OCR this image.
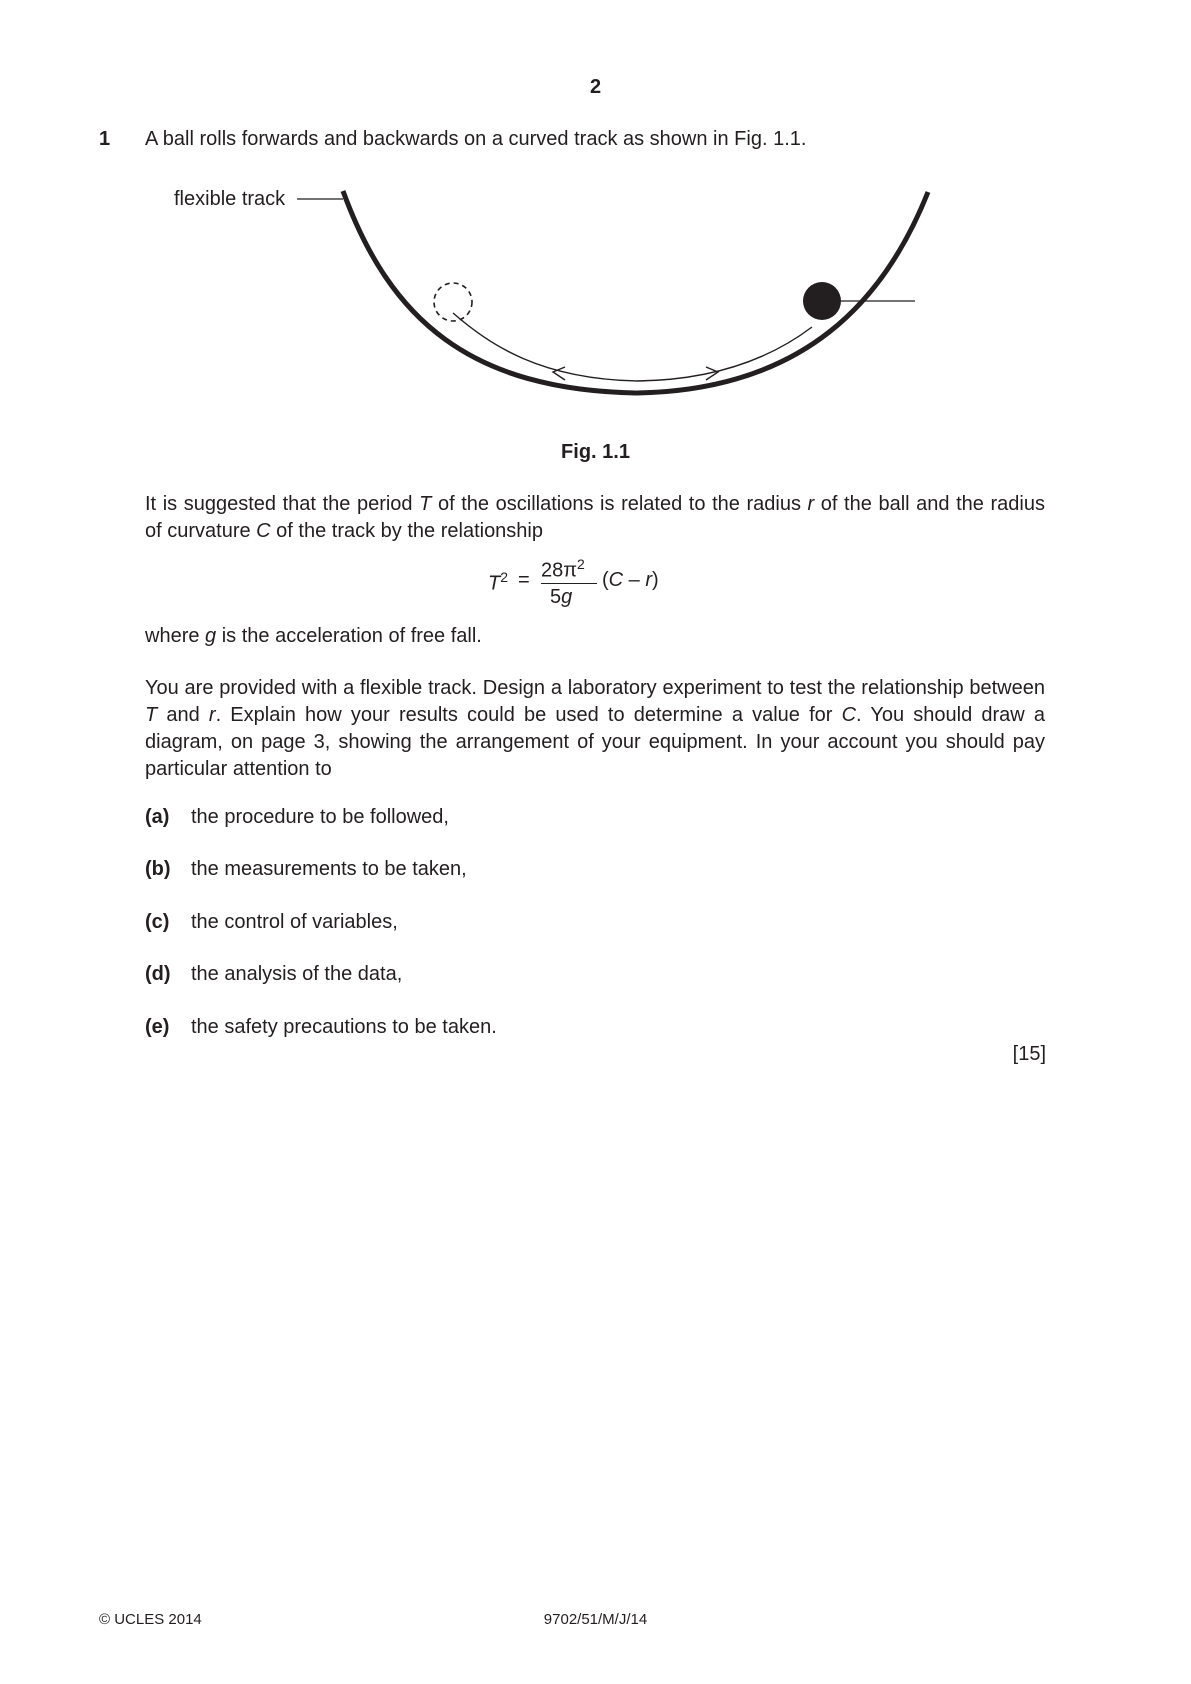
2
1 A ball rolls forwards and backwards on a curved track as shown in Fig. 1.1.
flexible track
Fig. 1.1
It is suggested that the period T of the oscillations is related to the radius r of the ball and the radius of curvature C of the track by the relationship
$T^2 = 28\pi^2$
5g
(C – r)
where g is the acceleration of free fall.
You are provided with a flexible track. Design a laboratory experiment to test the relationship between T and r. Explain how your results could be used to determine a value for C. You should draw a diagram, on page 3, showing the arrangement of your equipment. In your account you should pay particular attention to
(a) the procedure to be followed,
(b) the measurements to be taken,
(c) the control of variables,
(d) the analysis of the data,
(e) the safety precautions to be taken.
[15]
© UCLES 2014	9702/51/M/J/14
